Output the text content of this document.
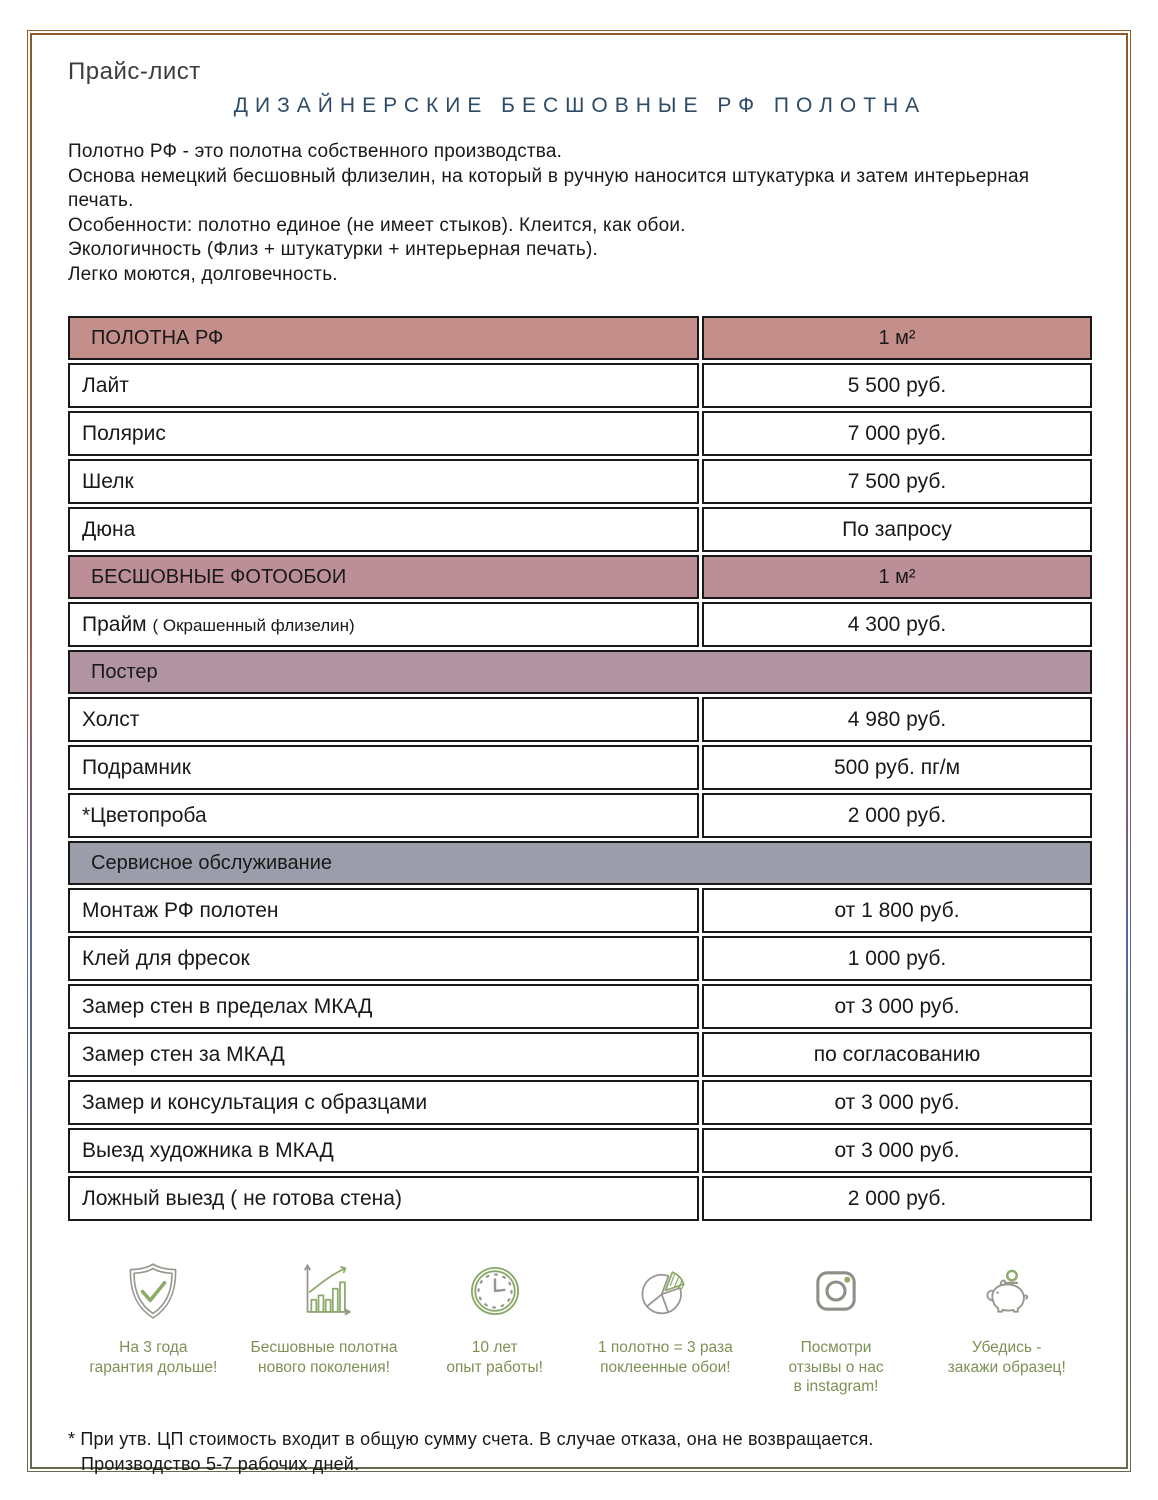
Прайс-лист
ДИЗАЙНЕРСКИЕ БЕСШОВНЫЕ РФ ПОЛОТНА
Полотно РФ - это полотна собственного производства.
Основа немецкий бесшовный флизелин, на который в ручную наносится штукатурка и затем интерьерная печать.
Особенности: полотно единое (не имеет стыков). Клеится, как обои.
Экологичность (Флиз + штукатурки + интерьерная печать).
Легко моются, долговечность.
ПОЛОТНА РФ	1 м²
Лайт	5 500 руб.
Полярис	7 000 руб.
Шелк	7 500 руб.
Дюна	По запросу
БЕСШОВНЫЕ ФОТООБОИ	1 м²
Прайм ( Окрашенный флизелин)	4 300 руб.
Постер	
Холст	4 980 руб.
Подрамник	500 руб. пг/м
*Цветопроба	2 000 руб.
Сервисное обслуживание	
Монтаж РФ полотен	от 1 800 руб.
Клей для фресок	1 000 руб.
Замер стен в пределах МКАД	от 3 000 руб.
Замер стен за МКАД	по согласованию
Замер и консультация с образцами	от 3 000 руб.
Выезд художника в МКАД	от 3 000 руб.
Ложный выезд ( не готова стена)	2 000 руб.
На 3 года
гарантия дольше!
Бесшовные полотна
нового поколения!
10 лет
опыт работы!
1 полотно = 3 раза
поклеенные обои!
Посмотри
отзывы о нас
в instagram!
Убедись -
закажи образец!
* При утв. ЦП стоимость входит в общую сумму счета. В случае отказа, она не возвращается.
Производство 5-7 рабочих дней.
